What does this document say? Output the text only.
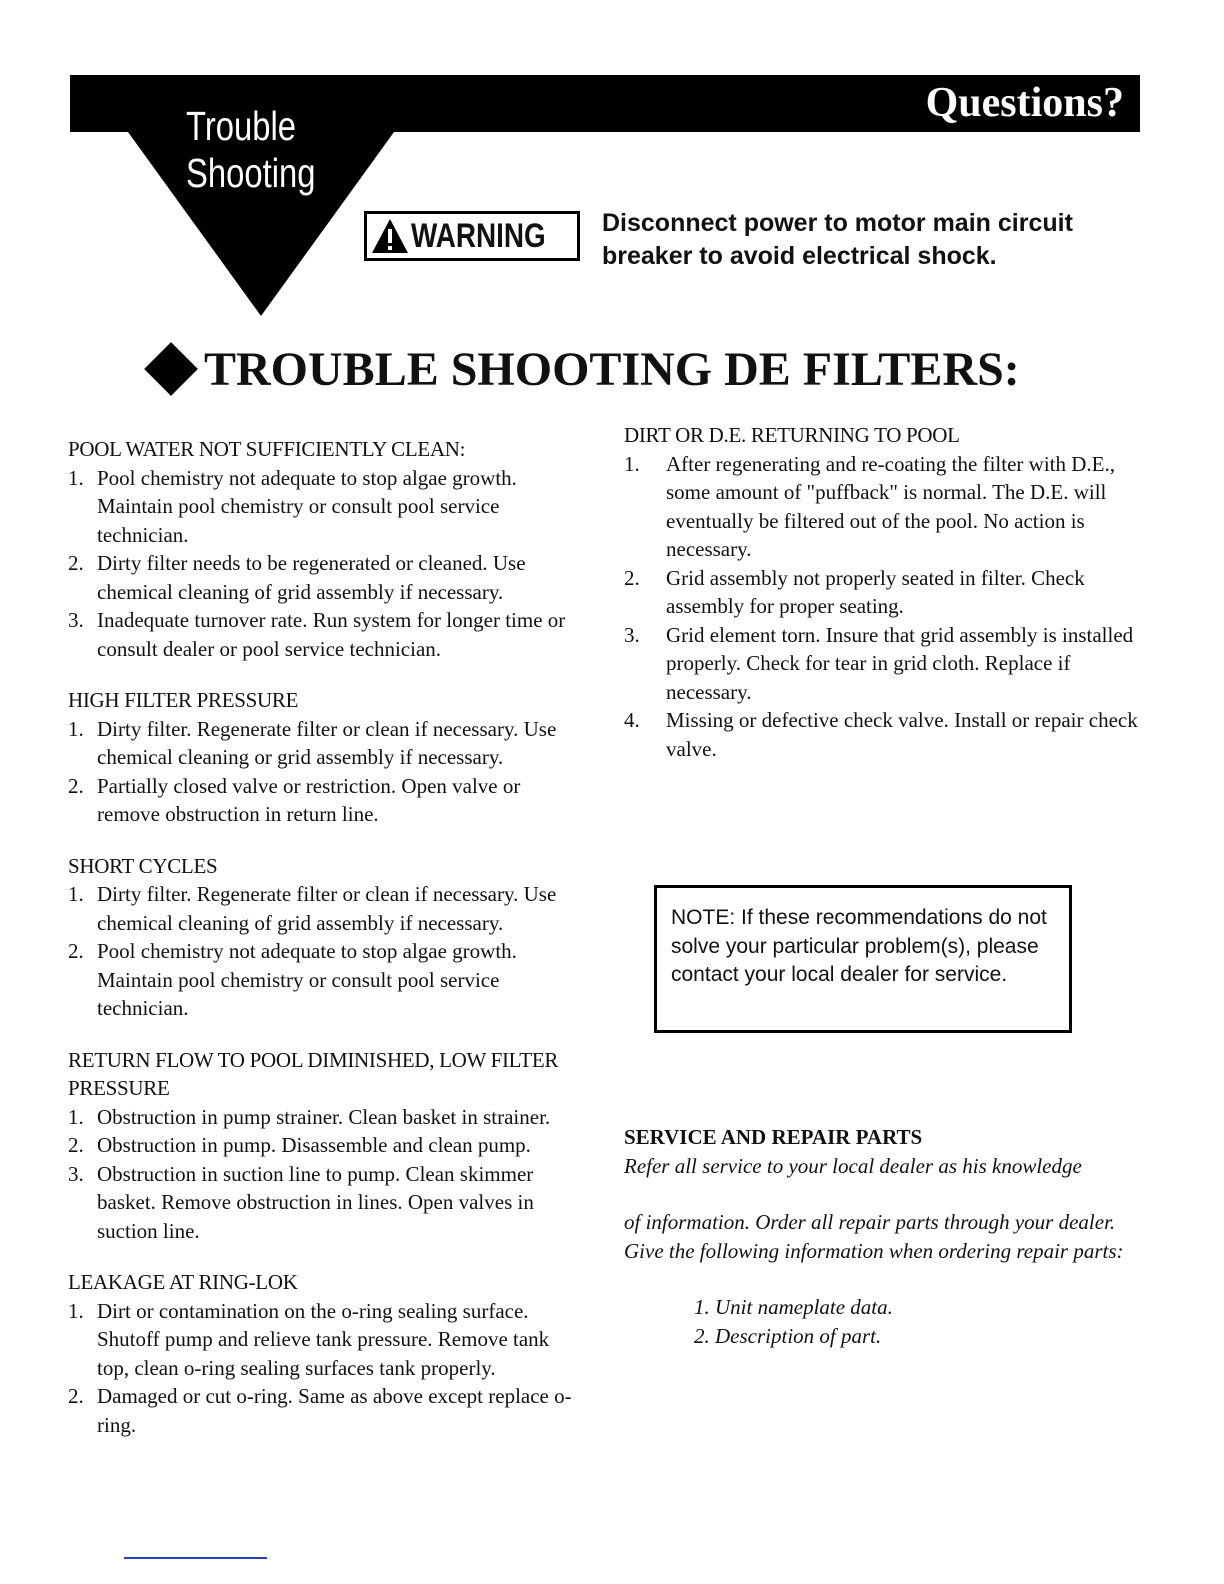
Questions?
Trouble
Shooting
WARNING Disconnect power to motor main circuit
breaker to avoid electrical shock.
TROUBLE SHOOTING DE FILTERS:
POOL WATER NOT SUFFICIENTLY CLEAN:
1. Pool chemistry not adequate to stop algae growth. Maintain pool chemistry or consult pool service technician.
2. Dirty filter needs to be regenerated or cleaned. Use chemical cleaning of grid assembly if necessary.
3. Inadequate turnover rate. Run system for longer time or consult dealer or pool service technician.
HIGH FILTER PRESSURE
1. Dirty filter. Regenerate filter or clean if necessary. Use chemical cleaning or grid assembly if necessary.
2. Partially closed valve or restriction. Open valve or remove obstruction in return line.
SHORT CYCLES
1. Dirty filter. Regenerate filter or clean if necessary. Use chemical cleaning of grid assembly if necessary.
2. Pool chemistry not adequate to stop algae growth. Maintain pool chemistry or consult pool service technician.
RETURN FLOW TO POOL DIMINISHED, LOW FILTER PRESSURE
1. Obstruction in pump strainer. Clean basket in strainer.
2. Obstruction in pump. Disassemble and clean pump.
3. Obstruction in suction line to pump. Clean skimmer basket. Remove obstruction in lines. Open valves in suction line.
LEAKAGE AT RING-LOK
1. Dirt or contamination on the o-ring sealing surface. Shutoff pump and relieve tank pressure. Remove tank top, clean o-ring sealing surfaces tank properly.
2. Damaged or cut o-ring. Same as above except replace o-ring.
DIRT OR D.E. RETURNING TO POOL
1. After regenerating and re-coating the filter with D.E., some amount of "puffback" is normal. The D.E. will eventually be filtered out of the pool. No action is necessary.
2. Grid assembly not properly seated in filter. Check assembly for proper seating.
3. Grid element torn. Insure that grid assembly is installed properly. Check for tear in grid cloth. Replace if necessary.
4. Missing or defective check valve. Install or repair check valve.
NOTE: If these recommendations do not solve your particular problem(s), please contact your local dealer for service.
SERVICE AND REPAIR PARTS

Refer all service to your local dealer as his knowledge

of information. Order all repair parts through your dealer. Give the following information when ordering repair parts:

1. Unit nameplate data.
2. Description of part.
